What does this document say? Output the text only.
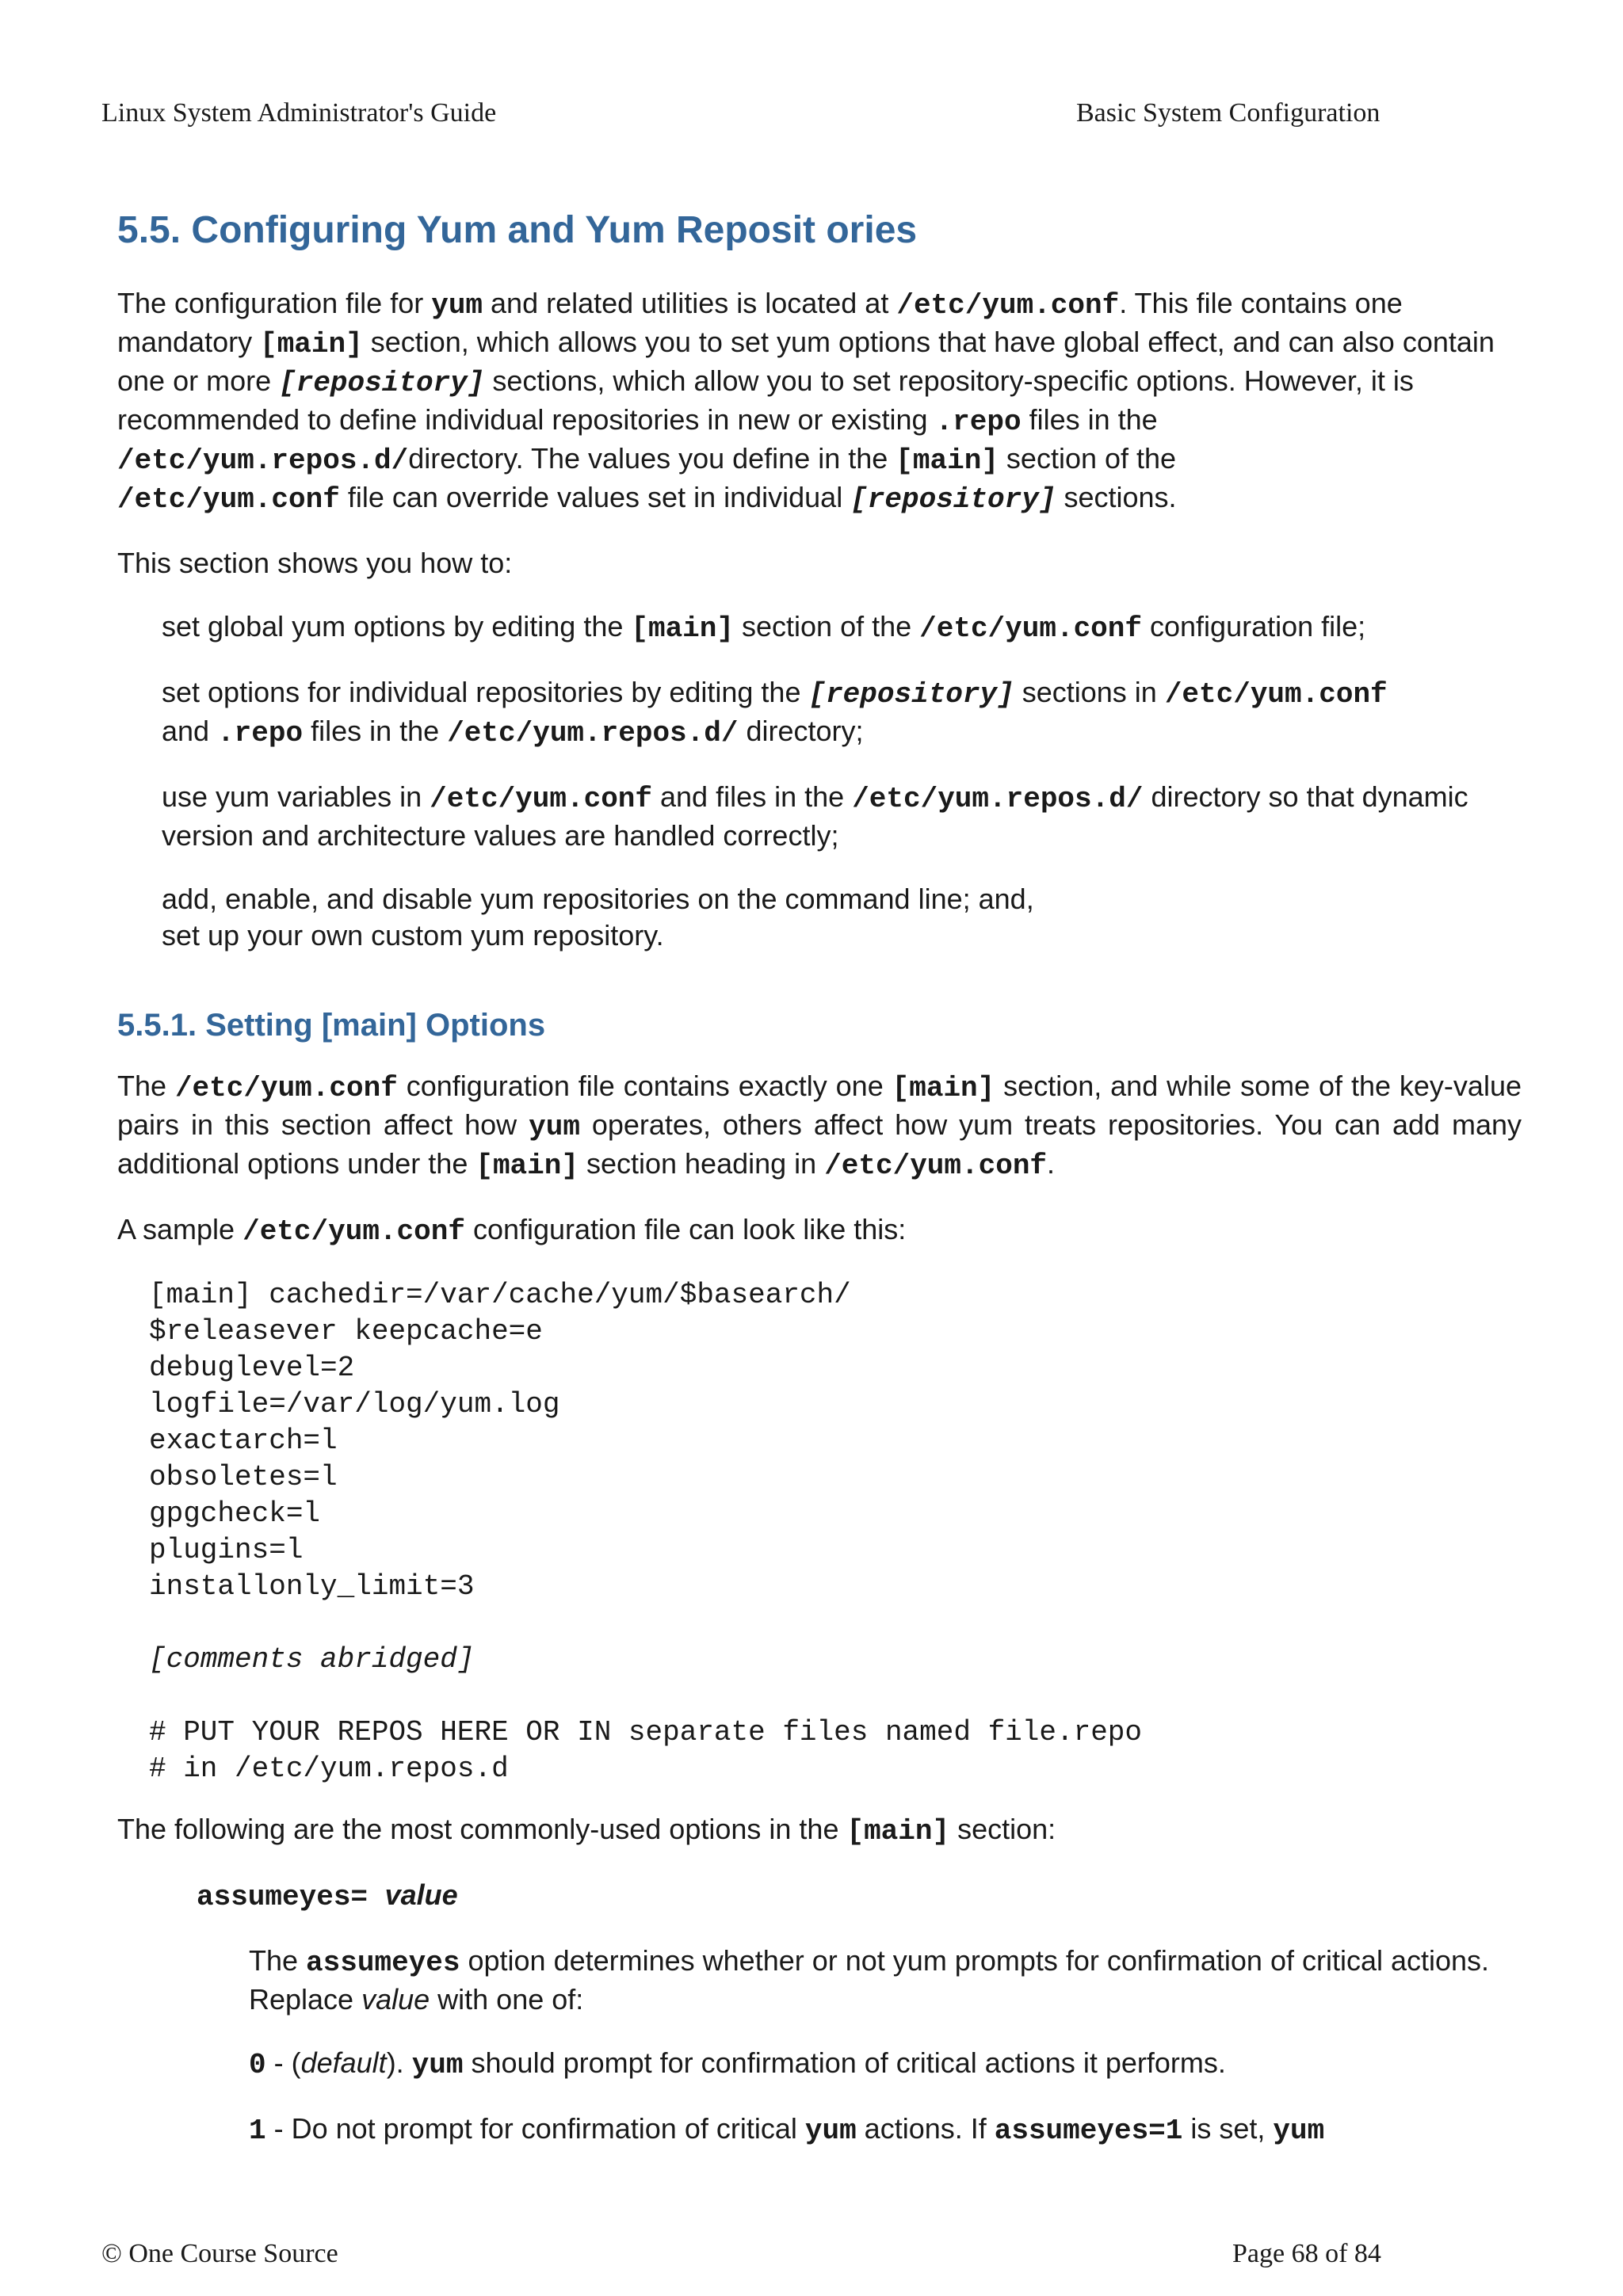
Linux System Administrator's Guide	Basic System Configuration
5.5. Configuring Yum and Yum Reposit ories

The configuration file for yum and related utilities is located at /etc/yum.conf. This file contains one mandatory [main] section, which allows you to set yum options that have global effect, and can also contain one or more [repository] sections, which allow you to set repository-specific options. However, it is recommended to define individual repositories in new or existing .repo files in the
/etc/yum.repos.d/directory. The values you define in the [main] section of the
/etc/yum.conf file can override values set in individual [repository] sections.

This section shows you how to:

set global yum options by editing the [main] section of the /etc/yum.conf configuration file;

set options for individual repositories by editing the [repository] sections in /etc/yum.conf
and .repo files in the /etc/yum.repos.d/ directory;

use yum variables in /etc/yum.conf and files in the /etc/yum.repos.d/ directory so that dynamic version and architecture values are handled correctly;

add, enable, and disable yum repositories on the command line; and,
set up your own custom yum repository.

5.5.1. Setting [main] Options

The /etc/yum.conf configuration file contains exactly one [main] section, and while some of the key-value pairs in this section affect how yum operates, others affect how yum treats repositories. You can add many additional options under the [main] section heading in /etc/yum.conf.

A sample /etc/yum.conf configuration file can look like this:

[main] cachedir=/var/cache/yum/$basearch/
$releasever keepcache=e
debuglevel=2
logfile=/var/log/yum.log
exactarch=l
obsoletes=l
gpgcheck=l
plugins=l
installonly_limit=3
[comments abridged]
# PUT YOUR REPOS HERE OR IN separate files named file.repo
# in /etc/yum.repos.d

The following are the most commonly-used options in the [main] section:

assumeyes= value

The assumeyes option determines whether or not yum prompts for confirmation of critical actions. Replace value with one of:

0 - (default). yum should prompt for confirmation of critical actions it performs.

1 - Do not prompt for confirmation of critical yum actions. If assumeyes=1 is set, yum

© One Course Source	Page 68 of 84
